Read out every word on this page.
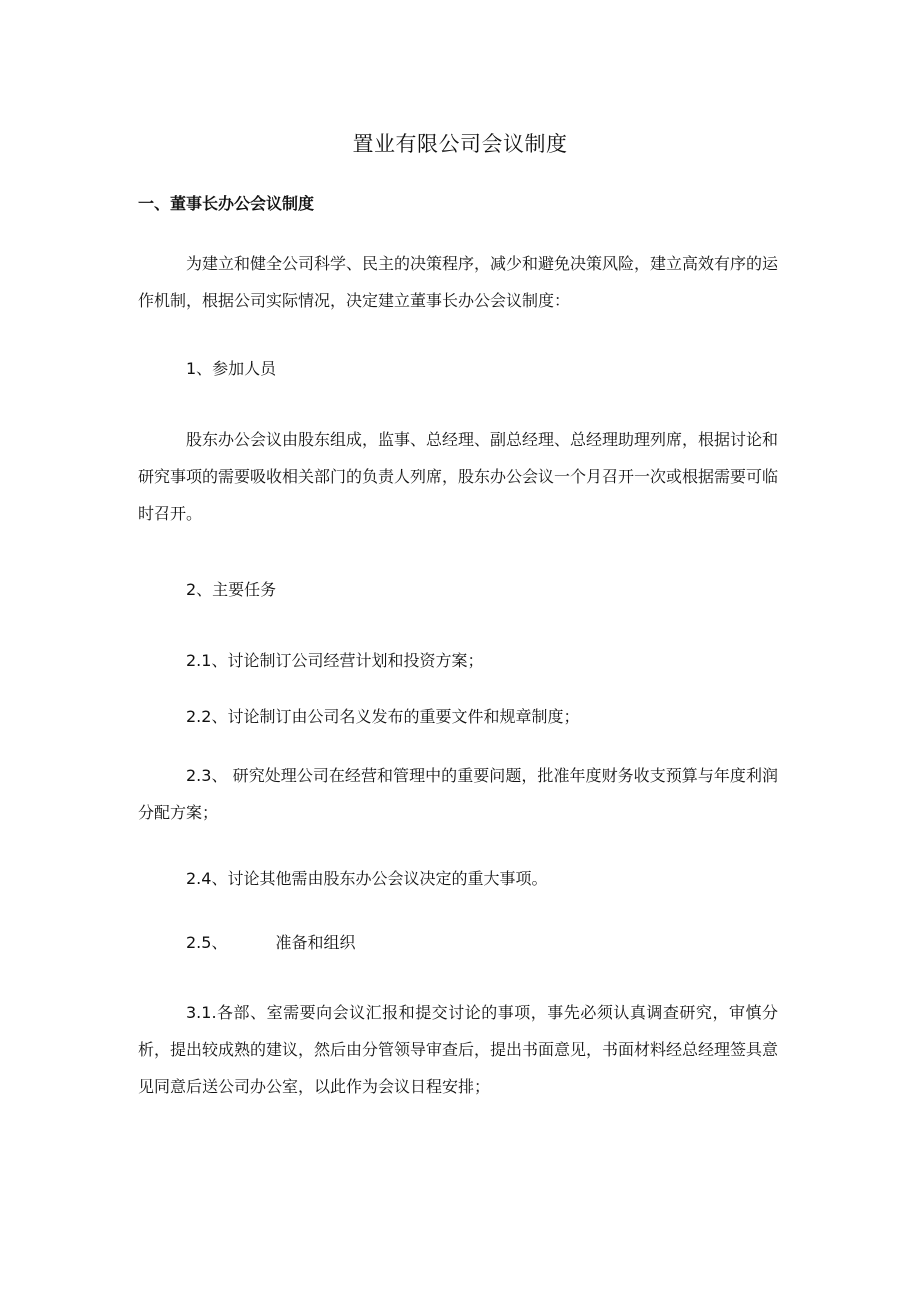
置业有限公司会议制度
一、董事长办公会议制度
为建立和健全公司科学、民主的决策程序，减少和避免决策风险，建立高效有序的运作机制，根据公司实际情况，决定建立董事长办公会议制度：
1、参加人员
股东办公会议由股东组成，监事、总经理、副总经理、总经理助理列席，根据讨论和研究事项的需要吸收相关部门的负责人列席，股东办公会议一个月召开一次或根据需要可临时召开。
2、主要任务
2.1、讨论制订公司经营计划和投资方案；
2.2、讨论制订由公司名义发布的重要文件和规章制度；
2.3、 研究处理公司在经营和管理中的重要问题，批准年度财务收支预算与年度利润分配方案；
2.4、讨论其他需由股东办公会议决定的重大事项。
2.5、	准备和组织
3.1.各部、室需要向会议汇报和提交讨论的事项，事先必须认真调查研究，审慎分析，提出较成熟的建议，然后由分管领导审查后，提出书面意见，书面材料经总经理签具意见同意后送公司办公室，以此作为会议日程安排；
